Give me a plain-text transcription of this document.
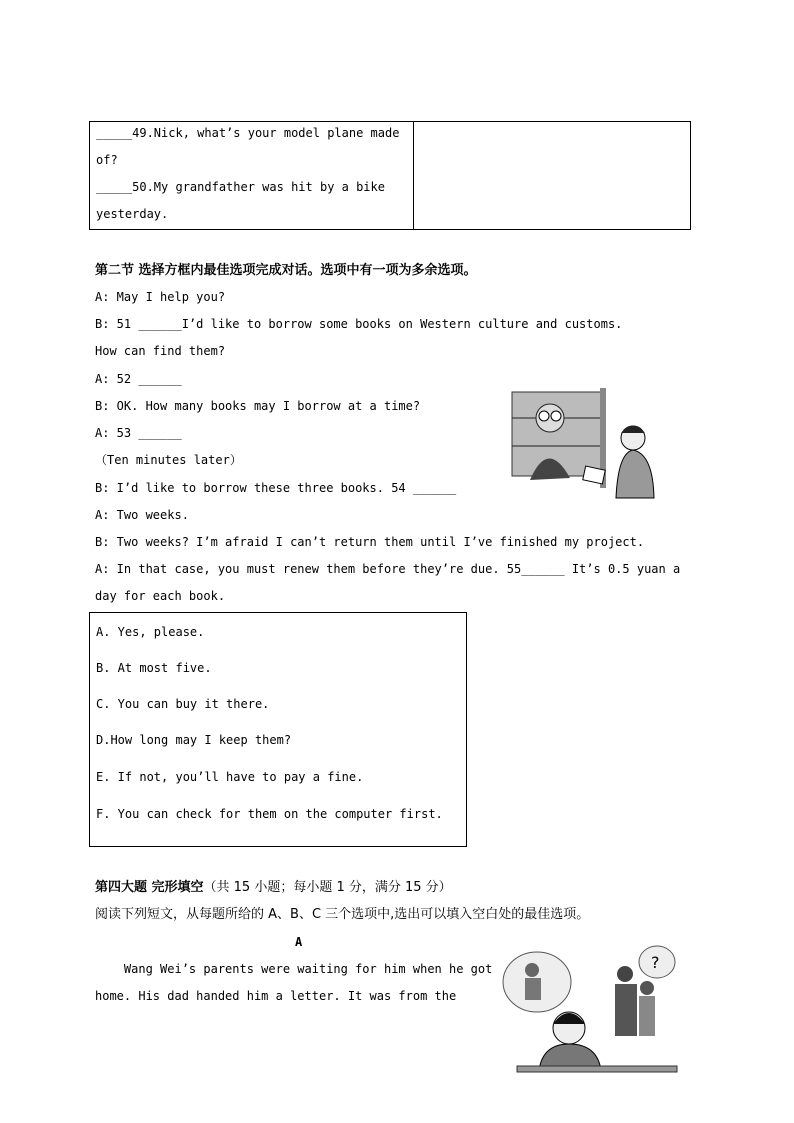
_____49.Nick, what’s your model plane made
of?
_____50.My grandfather was hit by a bike
yesterday.
第二节 选择方框内最佳选项完成对话。选项中有一项为多余选项。
A: May I help you?
B: 51 ______I’d like to borrow some books on Western culture and customs.
How can find them?
A: 52 ______
B: OK. How many books may I borrow at a time?
A: 53 ______
（Ten minutes later）
B: I’d like to borrow these three books. 54 ______
A: Two weeks.
B: Two weeks? I’m afraid I can’t return them until I’ve finished my project.
A: In that case, you must renew them before they’re due. 55______ It’s 0.5 yuan a
day for each book.
A. Yes, please.
B. At most five.
C. You can buy it there.
D.How long may I keep them?
E. If not, you’ll have to pay a fine.
F. You can check for them on the computer first.
第四大题 完形填空（共 15 小题；每小题 1 分，满分 15 分）
阅读下列短文，从每题所给的 A、B、C 三个选项中,选出可以填入空白处的最佳选项。
A
Wang Wei’s parents were waiting for him when he got
home. His dad handed him a letter. It was from the
?
